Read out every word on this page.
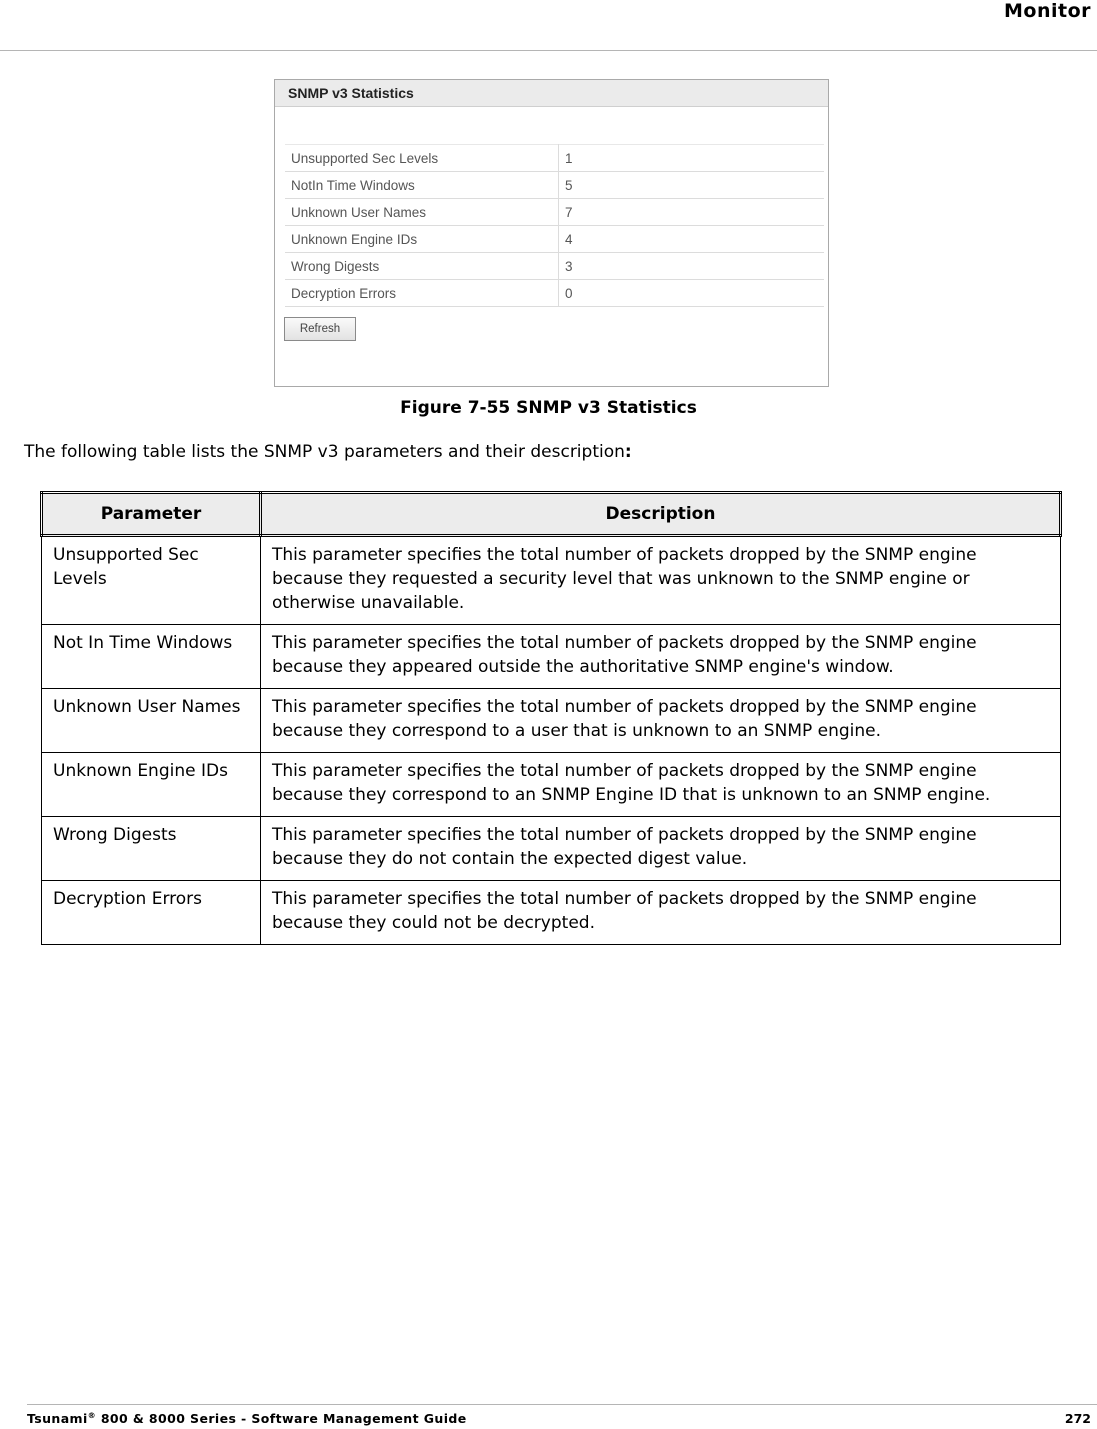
Monitor
SNMP v3 Statistics
Unsupported Sec Levels	1
NotIn Time Windows	5
Unknown User Names	7
Unknown Engine IDs	4
Wrong Digests	3
Decryption Errors	0
Refresh
Figure 7-55 SNMP v3 Statistics
The following table lists the SNMP v3 parameters and their description:
Parameter	Description
Unsupported Sec Levels	This parameter specifies the total number of packets dropped by the SNMP engine because they requested a security level that was unknown to the SNMP engine or otherwise unavailable.
Not In Time Windows	This parameter specifies the total number of packets dropped by the SNMP engine because they appeared outside the authoritative SNMP engine's window.
Unknown User Names	This parameter specifies the total number of packets dropped by the SNMP engine because they correspond to a user that is unknown to an SNMP engine.
Unknown Engine IDs	This parameter specifies the total number of packets dropped by the SNMP engine because they correspond to an SNMP Engine ID that is unknown to an SNMP engine.
Wrong Digests	This parameter specifies the total number of packets dropped by the SNMP engine because they do not contain the expected digest value.
Decryption Errors	This parameter specifies the total number of packets dropped by the SNMP engine because they could not be decrypted.
Tsunami® 800 & 8000 Series - Software Management Guide	272
